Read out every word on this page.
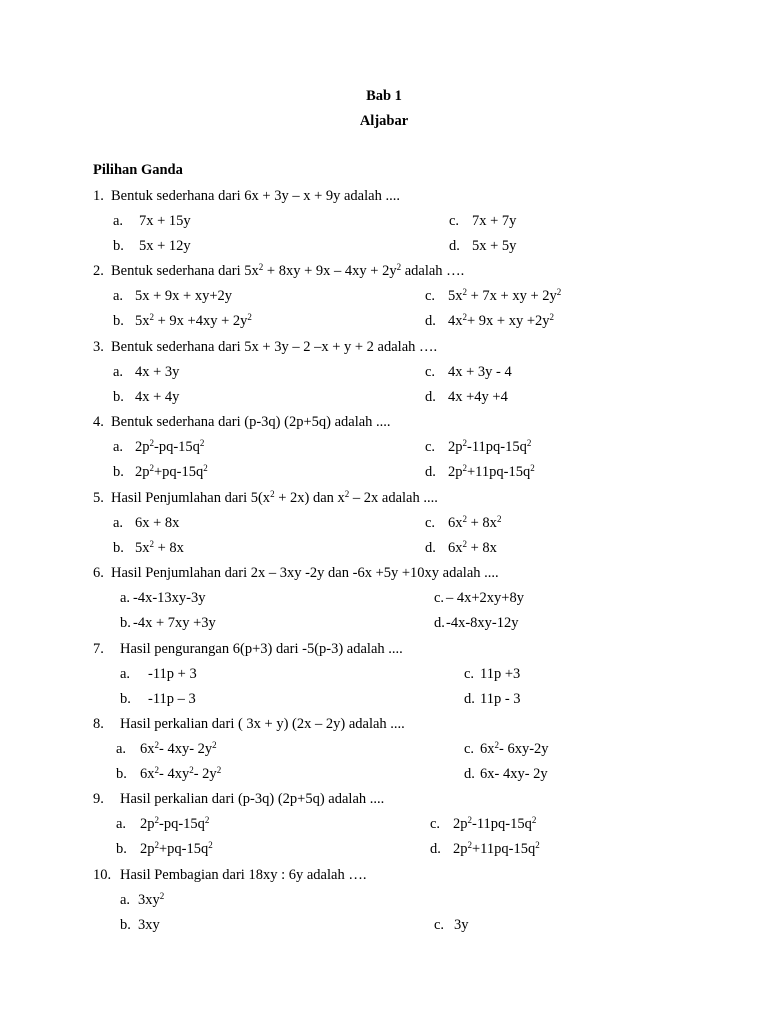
Bab 1
Aljabar
Pilihan Ganda
1. Bentuk sederhana dari 6x + 3y – x + 9y adalah ....
a. 7x + 15y	c. 7x + 7y
b. 5x + 12y	d. 5x + 5y
2. Bentuk sederhana dari $5x^2 + 8xy + 9x - 4xy + 2y^2$ adalah ….
a. 5x + 9x + xy+2y	c. $5x^2 + 7x$ + xy + $2y^2$
b. $5x^2 + 9x +4xy + 2y^2$	d. $4x^2+ 9x$ + xy $+2y^2$
3. Bentuk sederhana dari 5x + 3y – 2 –x + y + 2 adalah ….
a. 4x + 3y	c. 4x + 3y - 4
b. 4x + 4y	d. 4x +4y +4
4. Bentuk sederhana dari (p-3q) (2p+5q) adalah ....
a. $2p^2-pq-15q^2$	c. $2p^2-11pq-15q^2$
b. $2p^2+pq-15q^2$	d. $2p^2+11pq-15q^2$
5. Hasil Penjumlahan dari $5(x^2 + 2x)$ dan $x^2 - 2x$ adalah ....
a. 6x + 8x	c. $6x^2 + 8x^2$
b. $5x^2 + 8x$	d. $6x^2 + 8x$
6. Hasil Penjumlahan dari 2x – 3xy -2y dan -6x +5y +10xy adalah ....
a. -4x-13xy-3y	c. – 4x+2xy+8y
b. -4x + 7xy +3y	d. -4x-8xy-12y
7. Hasil pengurangan 6(p+3) dari -5(p-3) adalah ....
a. -11p + 3	c. 11p +3
b. -11p – 3	d. 11p - 3
8. Hasil perkalian dari ( 3x + y) (2x – 2y) adalah ....
a. $6x^2-$ 4xy- $2y^2$	c. $6x^2-$ 6xy-2y
b. $6x^2-$ $4xy^2-$ $2y^2$	d. 6x- 4xy- 2y
9. Hasil perkalian dari (p-3q) (2p+5q) adalah ....
a. $2p^2-pq-15q^2$	c. $2p^2-11pq-15q^2$
b. $2p^2+pq-15q^2$	d. $2p^2+11pq-15q^2$
10. Hasil Pembagian dari 18xy : 6y adalah ….
a. $3xy^2$
b. 3xy	c. 3y
